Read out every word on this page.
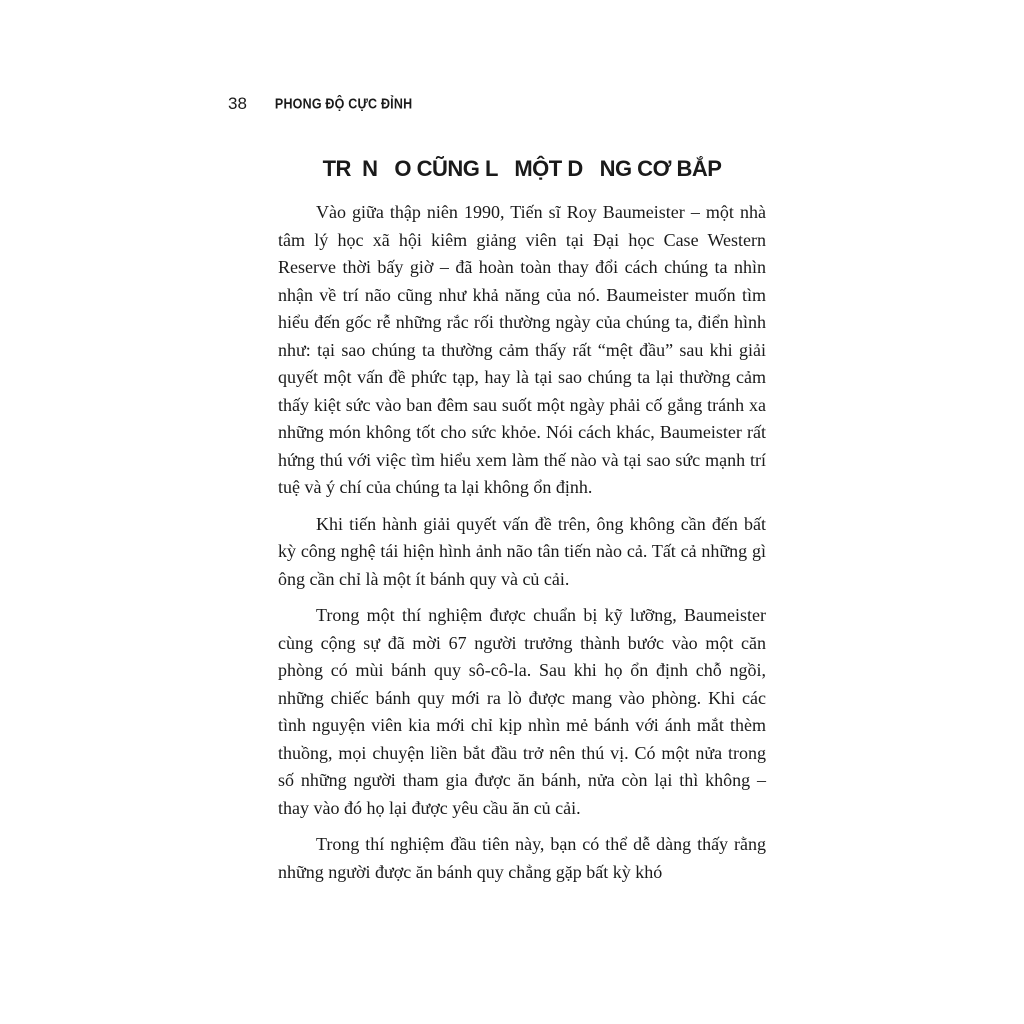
38 PHONG ĐỘ CỰC ĐỈNH
TR  N   O CŨNG L   MỘT D   NG CƠ BẮP

Vào giữa thập niên 1990, Tiến sĩ Roy Baumeister – một nhà tâm lý học xã hội kiêm giảng viên tại Đại học Case Western Reserve thời bấy giờ – đã hoàn toàn thay đổi cách chúng ta nhìn nhận về trí não cũng như khả năng của nó. Baumeister muốn tìm hiểu đến gốc rễ những rắc rối thường ngày của chúng ta, điển hình như: tại sao chúng ta thường cảm thấy rất “mệt đầu” sau khi giải quyết một vấn đề phức tạp, hay là tại sao chúng ta lại thường cảm thấy kiệt sức vào ban đêm sau suốt một ngày phải cố gắng tránh xa những món không tốt cho sức khỏe. Nói cách khác, Baumeister rất hứng thú với việc tìm hiểu xem làm thế nào và tại sao sức mạnh trí tuệ và ý chí của chúng ta lại không ổn định.

Khi tiến hành giải quyết vấn đề trên, ông không cần đến bất kỳ công nghệ tái hiện hình ảnh não tân tiến nào cả. Tất cả những gì ông cần chỉ là một ít bánh quy và củ cải.

Trong một thí nghiệm được chuẩn bị kỹ lưỡng, Baumeister cùng cộng sự đã mời 67 người trưởng thành bước vào một căn phòng có mùi bánh quy sô-cô-la. Sau khi họ ổn định chỗ ngồi, những chiếc bánh quy mới ra lò được mang vào phòng. Khi các tình nguyện viên kia mới chỉ kịp nhìn mẻ bánh với ánh mắt thèm thuồng, mọi chuyện liền bắt đầu trở nên thú vị. Có một nửa trong số những người tham gia được ăn bánh, nửa còn lại thì không – thay vào đó họ lại được yêu cầu ăn củ cải.

Trong thí nghiệm đầu tiên này, bạn có thể dễ dàng thấy rằng những người được ăn bánh quy chẳng gặp bất kỳ khó
